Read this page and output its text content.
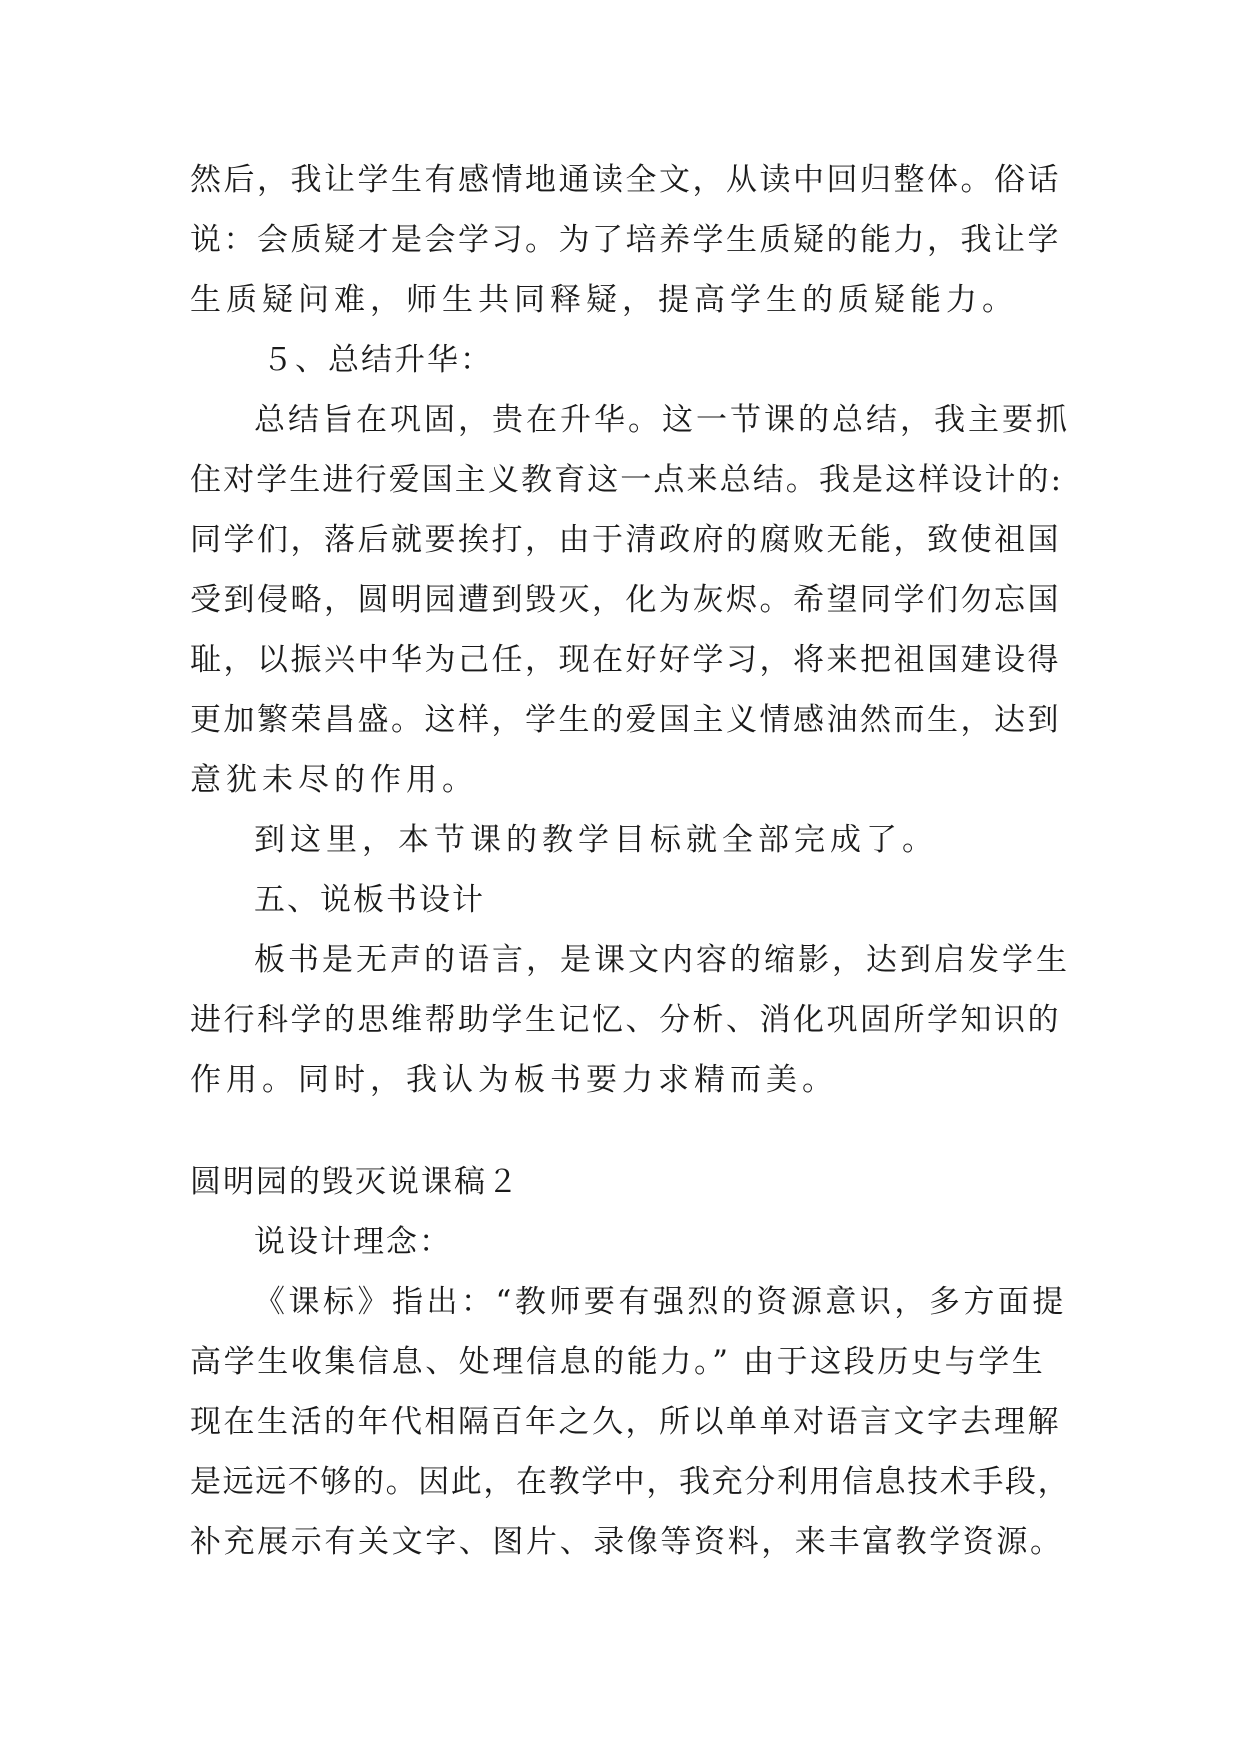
然后，我让学生有感情地通读全文，从读中回归整体。俗话
说：会质疑才是会学习。为了培养学生质疑的能力，我让学
生质疑问难，师生共同释疑，提高学生的质疑能力。
５、总结升华：
总结旨在巩固，贵在升华。这一节课的总结，我主要抓
住对学生进行爱国主义教育这一点来总结。我是这样设计的:
同学们，落后就要挨打，由于清政府的腐败无能，致使祖国
受到侵略，圆明园遭到毁灭，化为灰烬。希望同学们勿忘国
耻，以振兴中华为己任，现在好好学习，将来把祖国建设得
更加繁荣昌盛。这样，学生的爱国主义情感油然而生，达到
意犹未尽的作用。
到这里，本节课的教学目标就全部完成了。
五、说板书设计
板书是无声的语言，是课文内容的缩影，达到启发学生
进行科学的思维帮助学生记忆、分析、消化巩固所学知识的
作用。同时，我认为板书要力求精而美。
圆明园的毁灭说课稿２
说设计理念：
《课标》指出：“教师要有强烈的资源意识，多方面提
高学生收集信息、处理信息的能力。” 由于这段历史与学生
现在生活的年代相隔百年之久，所以单单对语言文字去理解
是远远不够的。因此，在教学中，我充分利用信息技术手段，
补充展示有关文字、图片、录像等资料，来丰富教学资源。
